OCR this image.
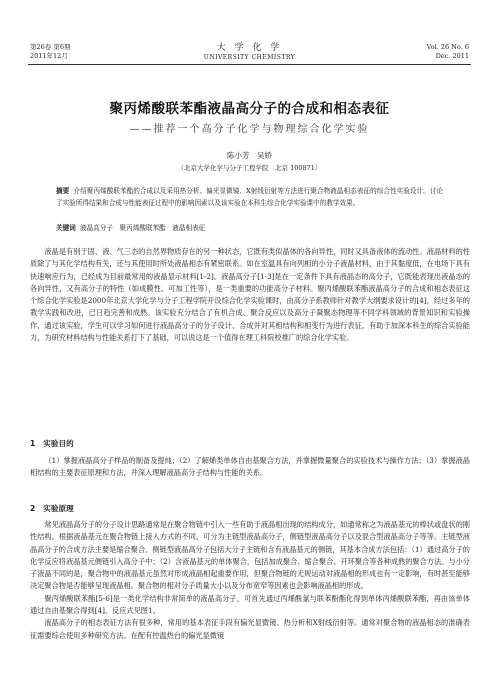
第26卷 第6期
2011年12月
大 学 化 学
UNIVERSITY CHEMISTRY
Vol. 26 No. 6
Dec. 2011
聚丙烯酸联苯酯液晶高分子的合成和相态表征
——推荐一个高分子化学与物理综合化学实验
陈小芳　吴娇
（北京大学化学与分子工程学院　北京 100871）
摘要 介绍聚丙烯酸联苯酯的合成以及采用热分析、偏光显微镜、X射线衍射等方法进行聚合物液晶相态表征的综合性实验设计。讨论了实验所得结果和合成与性能表征过程中的影响因素以及该实验在本科生综合化学实验课中的教学效果。
关键词 液晶高分子　聚丙烯酸联苯酯　液晶相表征

液晶是有别于固、液、气三态的自然界物质存在的另一种状态，它既有类似晶体的各向异性，同时又具备液体的流动性。液晶材料的性质除了与其化学结构有关，还与其使用时所处液晶相态有紧密联系。如在室温具有向列相的小分子液晶材料，由于其黏度低，在电场下具有快速响应行为，已经成为目前最常用的液晶显示材料[1-2]。液晶高分子[1-3]是在一定条件下具有液晶态的高分子，它既能表现出液晶态的各向异性，又有高分子的特性（如成膜性、可加工性等），是一类重要的功能高分子材料。聚丙烯酸联苯酯液晶高分子的合成和相态表征这个综合化学实验是2000年北京大学化学与分子工程学院开设综合化学实验课时，由高分子系教师针对教学大纲要求设计的[4]，经过多年的教学实践和改进，已日趋完善和成熟。该实验充分结合了有机合成、聚合反应以及高分子凝聚态物理等不同学科领域的背景知识和实验操作，通过该实验，学生可以学习如何进行液晶高分子的分子设计、合成并对其相结构和相变行为进行表征，有助于加深本科生的综合实验能力，为研究材料结构与性能关系打下了基础，可以说这是一个值得在理工科院校推广的综合化学实验。

1 实验目的

（1）掌握液晶高分子样品的制备及提纯；（2）了解烯类单体自由基聚合方法，并掌握微量聚合的实验技术与操作方法；（3）掌握液晶相结构的主要表征原理和方法，并深入理解液晶高分子结构与性能的关系。

2 实验原理

常见液晶高分子的分子设计思路通常是在聚合物链中引入一些有助于液晶相出现的结构成分，如通常称之为液晶基元的棒状或盘状的刚性结构。根据液晶基元在聚合物链上接入方式的不同，可分为主链型液晶高分子，侧链型液晶高分子以及混合型液晶高分子等等。主链型液晶高分子的合成方法主要是缩合聚合。侧链型液晶高分子包括大分子主链和含有液晶基元的侧链，其基本合成方法包括：（1）通过高分子的化学反应将液晶基元侧链引入高分子中；（2）含液晶基元的单体聚合，包括加成聚合、缩合聚合、开环聚合等各种成熟的聚合方法。与小分子液晶不同的是，聚合物中的液晶基元虽然对形成液晶相起重要作用，但聚合物链的无规运动对液晶相的形成也有一定影响，有时甚至能够决定聚合物是否能够呈现液晶相。聚合物的相对分子质量大小以及分布宽窄等因素也会影响液晶相的形成。

聚丙烯酸联苯酯[5-6]是一类化学结构非常简单的液晶高分子，可首先通过丙烯酰氯与联苯酚酯化得到单体丙烯酸联苯酯，再由该单体通过自由基聚合得到[4]。反应式见图1。

液晶高分子的相态表征方法有很多种，常用的基本表征手段有偏光显微镜、热分析和X射线衍射等。通常对聚合物的液晶相态的准确表征需要综合使用多种研究方法。在配有控温热台的偏光显微镜
